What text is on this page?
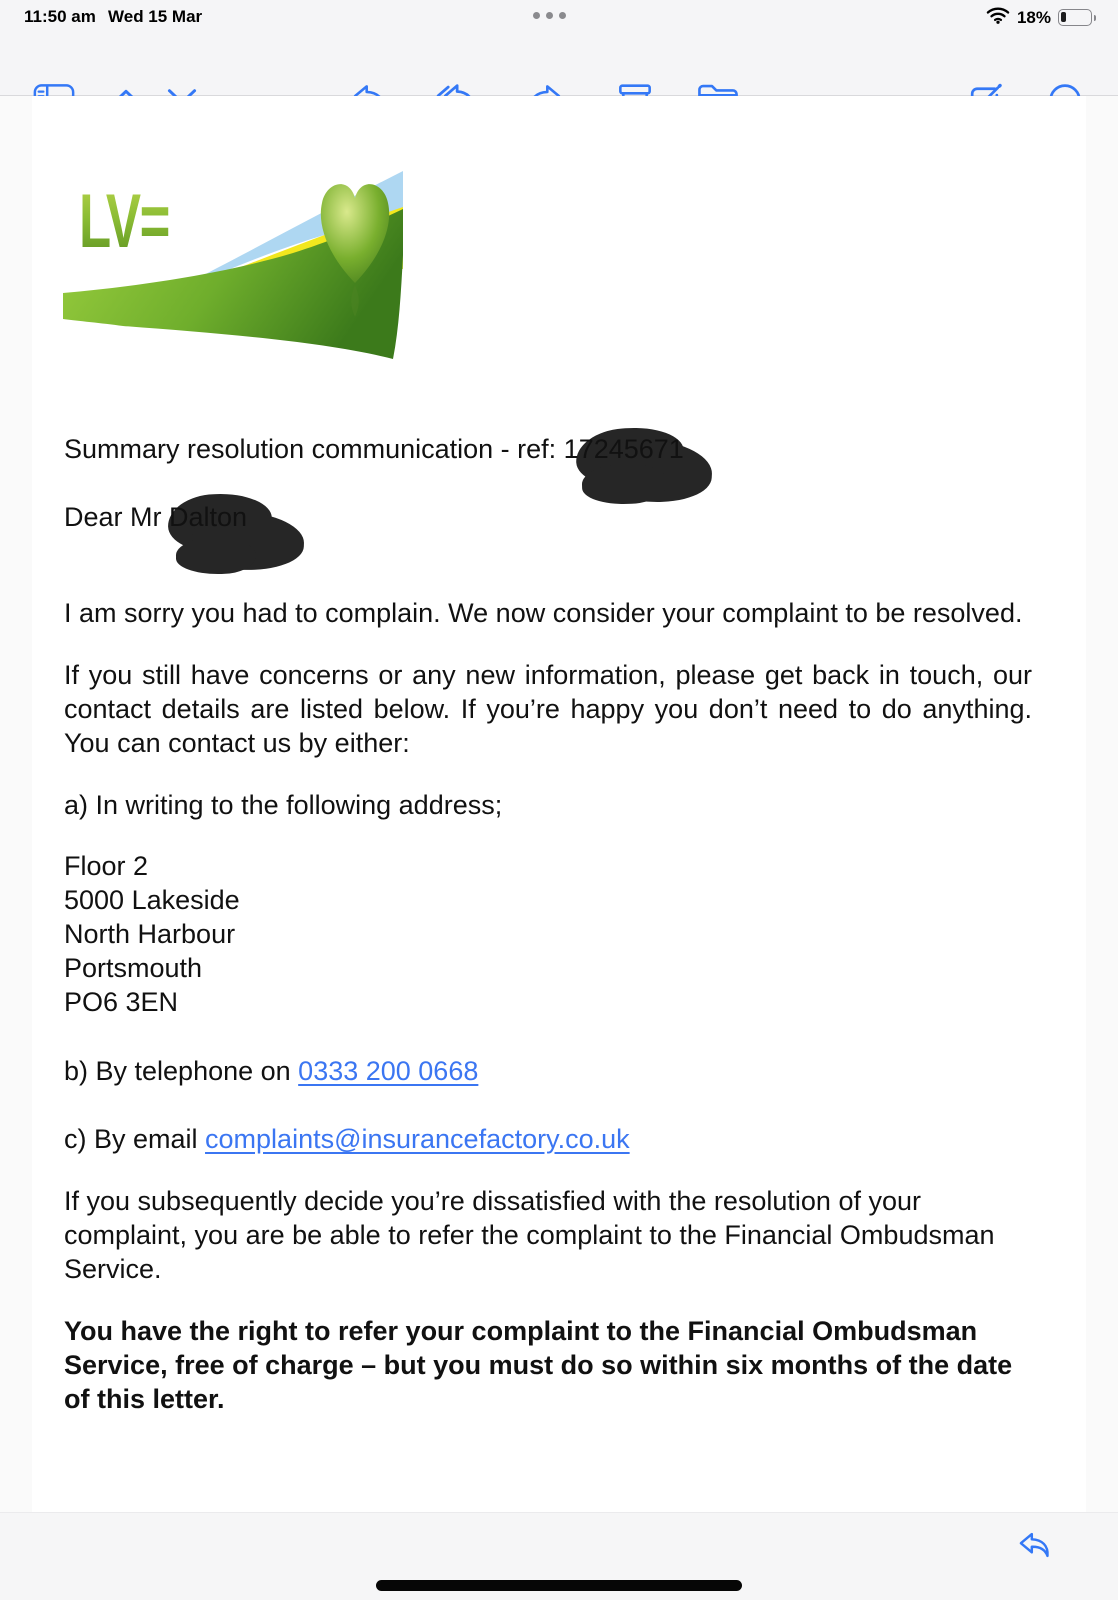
11:50 am Wed 15 Mar	18%
LV=

Summary resolution communication - ref: 17245671

Dear Mr Dalton

I am sorry you had to complain. We now consider your complaint to be resolved.

If you still have concerns or any new information, please get back in touch, our contact details are listed below. If you’re happy you don’t need to do anything. You can contact us by either:

a) In writing to the following address;

Floor 2
5000 Lakeside
North Harbour
Portsmouth
PO6 3EN

b) By telephone on 0333 200 0668

c) By email complaints@insurancefactory.co.uk

If you subsequently decide you’re dissatisfied with the resolution of your complaint, you are be able to refer the complaint to the Financial Ombudsman Service.

You have the right to refer your complaint to the Financial Ombudsman Service, free of charge – but you must do so within six months of the date of this letter.
